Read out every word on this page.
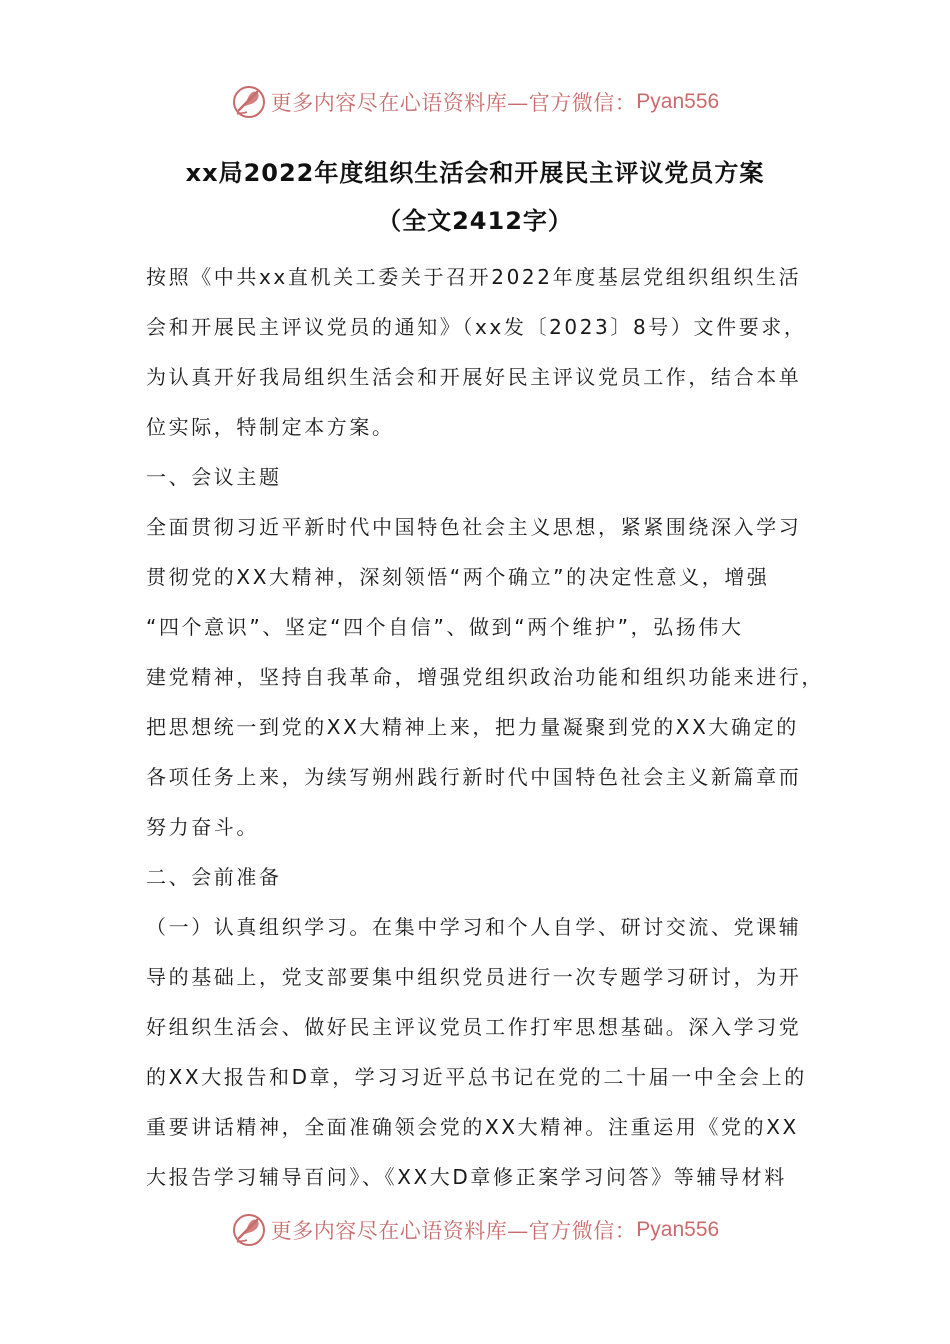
更多内容尽在心语资料库—官方微信： Pyan556
xx局2022年度组织生活会和开展民主评议党员方案
（全文2412字）

按照《中共xx直机关工委关于召开2022年度基层党组织组织生活
会和开展民主评议党员的通知》（xx发〔2023〕8号）文件要求，
为认真开好我局组织生活会和开展好民主评议党员工作，结合本单
位实际，特制定本方案。

一、会议主题

全面贯彻习近平新时代中国特色社会主义思想，紧紧围绕深入学习
贯彻党的XX大精神，深刻领悟“两个确立”的决定性意义，增强
“四个意识”、坚定“四个自信”、做到“两个维护”，弘扬伟大
建党精神，坚持自我革命，增强党组织政治功能和组织功能来进行，
把思想统一到党的XX大精神上来，把力量凝聚到党的XX大确定的
各项任务上来，为续写朔州践行新时代中国特色社会主义新篇章而
努力奋斗。

二、会前准备

（一）认真组织学习。在集中学习和个人自学、研讨交流、党课辅
导的基础上，党支部要集中组织党员进行一次专题学习研讨，为开
好组织生活会、做好民主评议党员工作打牢思想基础。深入学习党
的XX大报告和D章，学习习近平总书记在党的二十届一中全会上的
重要讲话精神，全面准确领会党的XX大精神。注重运用《党的XX
大报告学习辅导百问》、《XX大D章修正案学习问答》等辅导材料

更多内容尽在心语资料库—官方微信： Pyan556
